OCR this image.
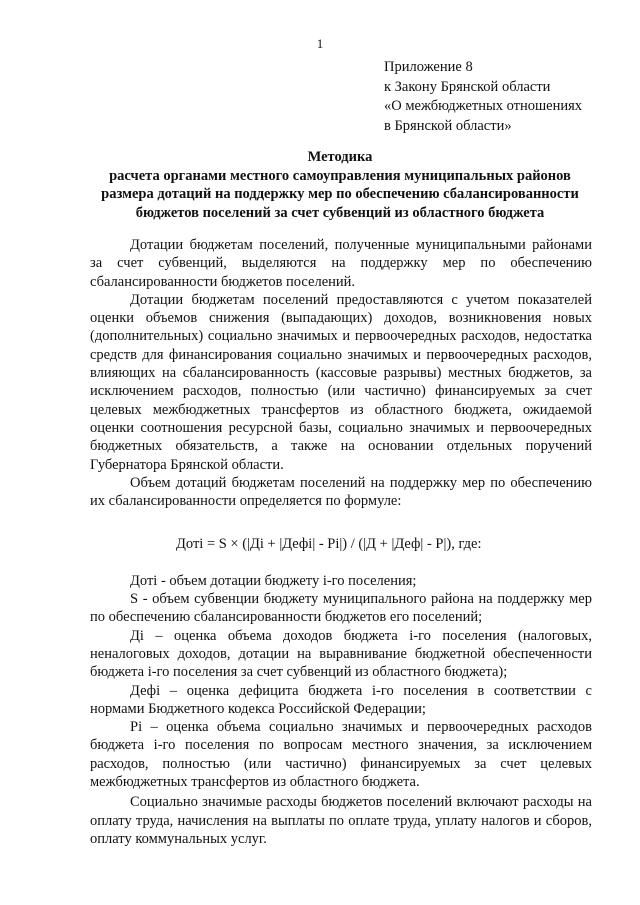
1
Приложение 8
к Закону Брянской области
«О межбюджетных отношениях
в Брянской области»
Методика
расчета органами местного самоуправления муниципальных районов
размера дотаций на поддержку мер по обеспечению сбалансированности
бюджетов поселений за счет субвенций из областного бюджета

Дотации бюджетам поселений, полученные муниципальными районами за счет субвенций, выделяются на поддержку мер по обеспечению сбалансированности бюджетов поселений.

Дотации бюджетам поселений предоставляются с учетом показателей оценки объемов снижения (выпадающих) доходов, возникновения новых (дополнительных) социально значимых и первоочередных расходов, недостатка средств для финансирования социально значимых и первоочередных расходов, влияющих на сбалансированность (кассовые разрывы) местных бюджетов, за исключением расходов, полностью (или частично) финансируемых за счет целевых межбюджетных трансфертов из областного бюджета, ожидаемой оценки соотношения ресурсной базы, социально значимых и первоочередных бюджетных обязательств, а также на основании отдельных поручений Губернатора Брянской области.

Объем дотаций бюджетам поселений на поддержку мер по обеспечению их сбалансированности определяется по формуле:

Дотi = S × (|Дi + |Дефi| - Pi|) / (|Д + |Деф| - P|), где:

Дотi - объем дотации бюджету i-го поселения;

S - объем субвенции бюджету муниципального района на поддержку мер по обеспечению сбалансированности бюджетов его поселений;

Дi – оценка объема доходов бюджета i-го поселения (налоговых, неналоговых доходов, дотации на выравнивание бюджетной обеспеченности бюджета i-го поселения за счет субвенций из областного бюджета);

Дефi – оценка дефицита бюджета i-го поселения в соответствии с нормами Бюджетного кодекса Российской Федерации;

Pi – оценка объема социально значимых и первоочередных расходов бюджета i-го поселения по вопросам местного значения, за исключением расходов, полностью (или частично) финансируемых за счет целевых межбюджетных трансфертов из областного бюджета.

Социально значимые расходы бюджетов поселений включают расходы на оплату труда, начисления на выплаты по оплате труда, уплату налогов и сборов, оплату коммунальных услуг.
